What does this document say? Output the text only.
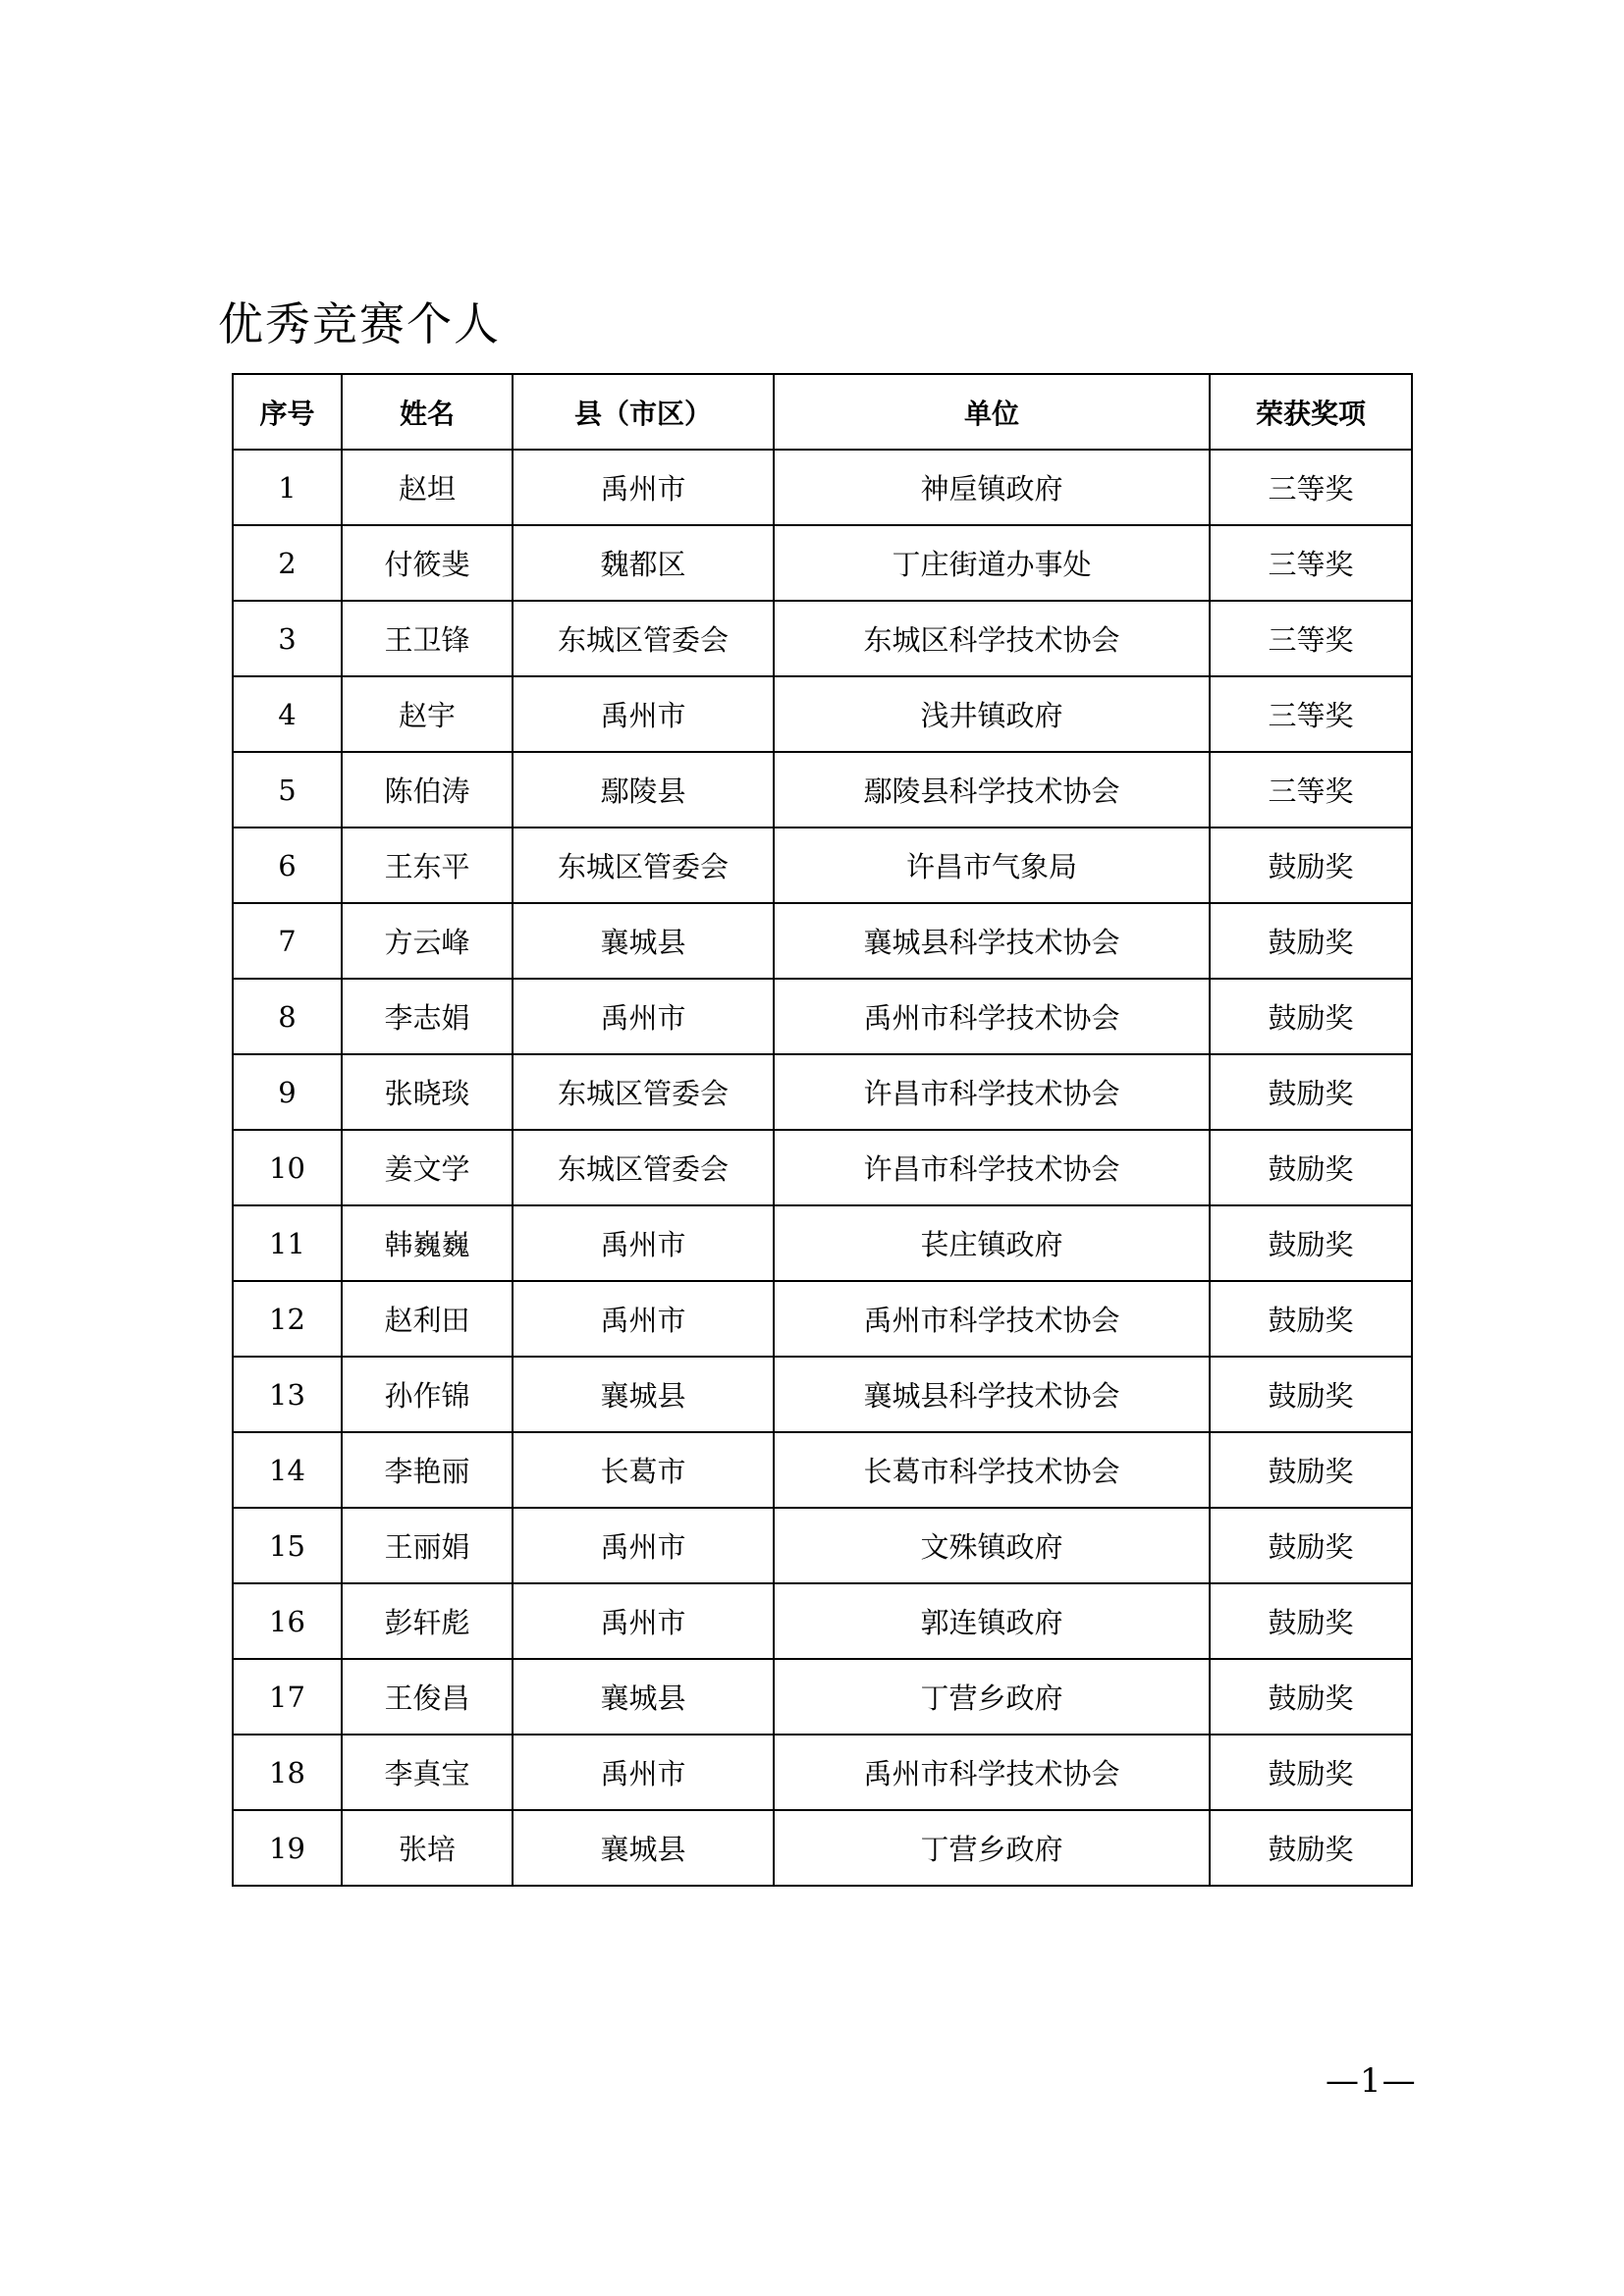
优秀竞赛个人
序号	姓名	县（市区）	单位	荣获奖项
1	赵坦	禹州市	神垕镇政府	三等奖
2	付筱斐	魏都区	丁庄街道办事处	三等奖
3	王卫锋	东城区管委会	东城区科学技术协会	三等奖
4	赵宇	禹州市	浅井镇政府	三等奖
5	陈伯涛	鄢陵县	鄢陵县科学技术协会	三等奖
6	王东平	东城区管委会	许昌市气象局	鼓励奖
7	方云峰	襄城县	襄城县科学技术协会	鼓励奖
8	李志娟	禹州市	禹州市科学技术协会	鼓励奖
9	张晓琰	东城区管委会	许昌市科学技术协会	鼓励奖
10	姜文学	东城区管委会	许昌市科学技术协会	鼓励奖
11	韩巍巍	禹州市	苌庄镇政府	鼓励奖
12	赵利田	禹州市	禹州市科学技术协会	鼓励奖
13	孙作锦	襄城县	襄城县科学技术协会	鼓励奖
14	李艳丽	长葛市	长葛市科学技术协会	鼓励奖
15	王丽娟	禹州市	文殊镇政府	鼓励奖
16	彭轩彪	禹州市	郭连镇政府	鼓励奖
17	王俊昌	襄城县	丁营乡政府	鼓励奖
18	李真宝	禹州市	禹州市科学技术协会	鼓励奖
19	张培	襄城县	丁营乡政府	鼓励奖
—1—
